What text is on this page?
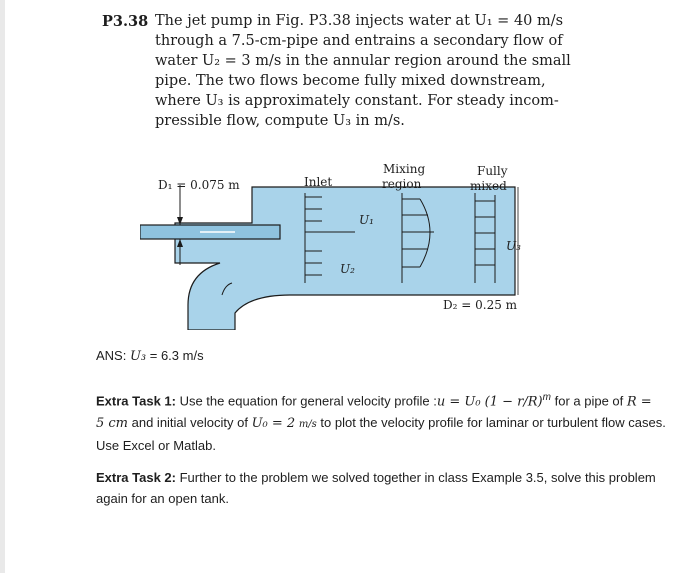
P3.38 The jet pump in Fig. P3.38 injects water at U₁ = 40 m/s
through a 7.5-cm-pipe and entrains a secondary flow of
water U₂ = 3 m/s in the annular region around the small
pipe. The two flows become fully mixed downstream,
where U₃ is approximately constant. For steady incom-
pressible flow, compute U₃ in m/s.
D₁ = 0.075 m	Inlet
Mixing
region
Fully
mixed
U₁
U₂
U₃
D₂ = 0.25 m
ANS: U₃ = 6.3 m/s
Extra Task 1: Use the equation for general velocity profile :u = U₀ $(1 - r/R)^m$ for a pipe of R =
5 cm and initial velocity of U₀ = 2 m/s to plot the velocity profile for laminar or turbulent flow cases.
Use Excel or Matlab.
Extra Task 2: Further to the problem we solved together in class Example 3.5, solve this problem
again for an open tank.
